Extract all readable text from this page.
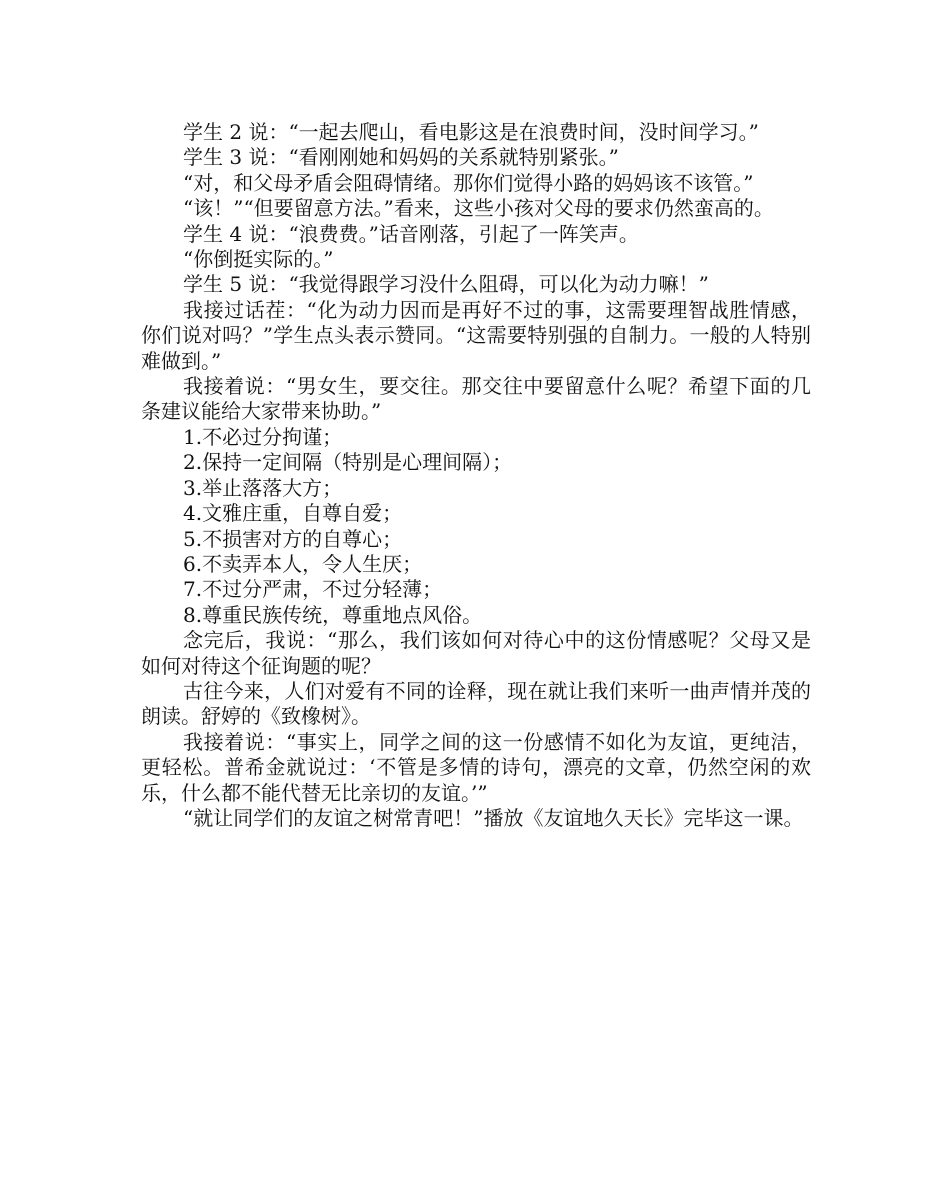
学生 2 说：“一起去爬山，看电影这是在浪费时间，没时间学习。”

学生 3 说：“看刚刚她和妈妈的关系就特别紧张。”

“对，和父母矛盾会阻碍情绪。那你们觉得小路的妈妈该不该管。”

“该！”“但要留意方法。”看来，这些小孩对父母的要求仍然蛮高的。

学生 4 说：“浪费费。”话音刚落，引起了一阵笑声。

“你倒挺实际的。”

学生 5 说：“我觉得跟学习没什么阻碍，可以化为动力嘛！”

我接过话茬：“化为动力因而是再好不过的事，这需要理智战胜情感，你们说对吗？”学生点头表示赞同。“这需要特别强的自制力。一般的人特别难做到。”

我接着说：“男女生，要交往。那交往中要留意什么呢？希望下面的几条建议能给大家带来协助。”

1.不必过分拘谨；

2.保持一定间隔（特别是心理间隔）；

3.举止落落大方；

4.文雅庄重，自尊自爱；

5.不损害对方的自尊心；

6.不卖弄本人，令人生厌；

7.不过分严肃，不过分轻薄；

8.尊重民族传统，尊重地点风俗。

念完后，我说：“那么，我们该如何对待心中的这份情感呢？父母又是如何对待这个征询题的呢？

古往今来，人们对爱有不同的诠释，现在就让我们来听一曲声情并茂的朗读。舒婷的《致橡树》。

我接着说：“事实上，同学之间的这一份感情不如化为友谊，更纯洁，更轻松。普希金就说过：‘不管是多情的诗句，漂亮的文章，仍然空闲的欢乐，什么都不能代替无比亲切的友谊。’”

“就让同学们的友谊之树常青吧！”播放《友谊地久天长》完毕这一课。
